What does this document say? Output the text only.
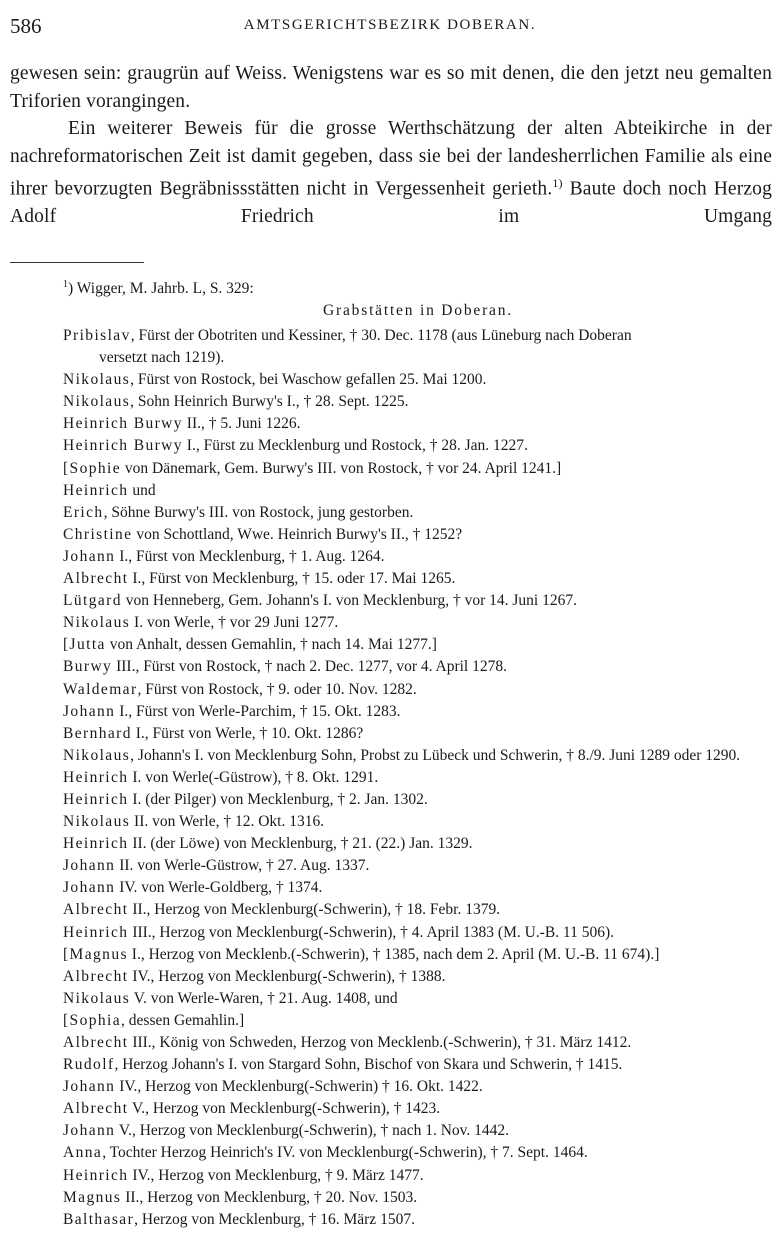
586	AMTSGERICHTSBEZIRK DOBERAN.

gewesen sein: graugrün auf Weiss. Wenigstens war es so mit denen, die den jetzt neu gemalten Triforien vorangingen.

Ein weiterer Beweis für die grosse Werthschätzung der alten Abteikirche in der nachreformatorischen Zeit ist damit gegeben, dass sie bei der landesherrlichen Familie als eine ihrer bevorzugten Begräbnissstätten nicht in Vergessenheit gerieth.$^{1)}$ Baute doch noch Herzog Adolf Friedrich im Umgang

$^1$) Wigger, M. Jahrb. L, S. 329:
Grabstätten in Doberan.
Pribislav, Fürst der Obotriten und Kessiner, † 30. Dec. 1178 (aus Lüneburg nach Doberan
versetzt nach 1219).
Nikolaus, Fürst von Rostock, bei Waschow gefallen 25. Mai 1200.
Nikolaus, Sohn Heinrich Burwy's I., † 28. Sept. 1225.
Heinrich Burwy II., † 5. Juni 1226.
Heinrich Burwy I., Fürst zu Mecklenburg und Rostock, † 28. Jan. 1227.
[Sophie von Dänemark, Gem. Burwy's III. von Rostock, † vor 24. April 1241.]
Heinrich und
Erich, Söhne Burwy's III. von Rostock, jung gestorben.
Christine von Schottland, Wwe. Heinrich Burwy's II., † 1252?
Johann I., Fürst von Mecklenburg, † 1. Aug. 1264.
Albrecht I., Fürst von Mecklenburg, † 15. oder 17. Mai 1265.
Lütgard von Henneberg, Gem. Johann's I. von Mecklenburg, † vor 14. Juni 1267.
Nikolaus I. von Werle, † vor 29 Juni 1277.
[Jutta von Anhalt, dessen Gemahlin, † nach 14. Mai 1277.]
Burwy III., Fürst von Rostock, † nach 2. Dec. 1277, vor 4. April 1278.
Waldemar, Fürst von Rostock, † 9. oder 10. Nov. 1282.
Johann I., Fürst von Werle-Parchim, † 15. Okt. 1283.
Bernhard I., Fürst von Werle, † 10. Okt. 1286?
Nikolaus, Johann's I. von Mecklenburg Sohn, Probst zu Lübeck und Schwerin, † 8./9. Juni 1289 oder 1290.
Heinrich I. von Werle(-Güstrow), † 8. Okt. 1291.
Heinrich I. (der Pilger) von Mecklenburg, † 2. Jan. 1302.
Nikolaus II. von Werle, † 12. Okt. 1316.
Heinrich II. (der Löwe) von Mecklenburg, † 21. (22.) Jan. 1329.
Johann II. von Werle-Güstrow, † 27. Aug. 1337.
Johann IV. von Werle-Goldberg, † 1374.
Albrecht II., Herzog von Mecklenburg(-Schwerin), † 18. Febr. 1379.
Heinrich III., Herzog von Mecklenburg(-Schwerin), † 4. April 1383 (M. U.-B. 11 506).
[Magnus I., Herzog von Mecklenb.(-Schwerin), † 1385, nach dem 2. April (M. U.-B. 11 674).]
Albrecht IV., Herzog von Mecklenburg(-Schwerin), † 1388.
Nikolaus V. von Werle-Waren, † 21. Aug. 1408, und
[Sophia, dessen Gemahlin.]
Albrecht III., König von Schweden, Herzog von Mecklenb.(-Schwerin), † 31. März 1412.
Rudolf, Herzog Johann's I. von Stargard Sohn, Bischof von Skara und Schwerin, † 1415.
Johann IV., Herzog von Mecklenburg(-Schwerin) † 16. Okt. 1422.
Albrecht V., Herzog von Mecklenburg(-Schwerin), † 1423.
Johann V., Herzog von Mecklenburg(-Schwerin), † nach 1. Nov. 1442.
Anna, Tochter Herzog Heinrich's IV. von Mecklenburg(-Schwerin), † 7. Sept. 1464.
Heinrich IV., Herzog von Mecklenburg, † 9. März 1477.
Magnus II., Herzog von Mecklenburg, † 20. Nov. 1503.
Balthasar, Herzog von Mecklenburg, † 16. März 1507.
